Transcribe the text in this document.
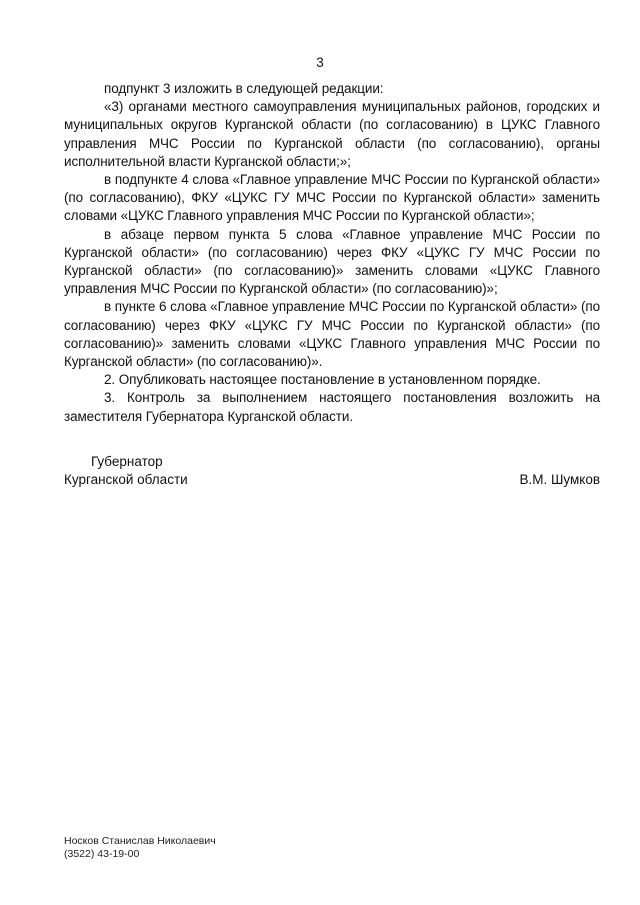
3

подпункт 3 изложить в следующей редакции:

«3) органами местного самоуправления муниципальных районов, городских и муниципальных округов Курганской области (по согласованию) в ЦУКС Главного управления МЧС России по Курганской области (по согласованию), органы исполнительной власти Курганской области;»;

в подпункте 4 слова «Главное управление МЧС России по Курганской области» (по согласованию), ФКУ «ЦУКС ГУ МЧС России по Курганской области» заменить словами «ЦУКС Главного управления МЧС России по Курганской области»;

в абзаце первом пункта 5 слова «Главное управление МЧС России по Курганской области» (по согласованию) через ФКУ «ЦУКС ГУ МЧС России по Курганской области» (по согласованию)» заменить словами «ЦУКС Главного управления МЧС России по Курганской области» (по согласованию)»;

в пункте 6 слова «Главное управление МЧС России по Курганской области» (по согласованию) через ФКУ «ЦУКС ГУ МЧС России по Курганской области» (по согласованию)» заменить словами «ЦУКС Главного управления МЧС России по Курганской области» (по согласованию)».

2. Опубликовать настоящее постановление в установленном порядке.

3. Контроль за выполнением настоящего постановления возложить на заместителя Губернатора Курганской области.

Губернатор
Курганской области	В.М. Шумков
Носков Станислав Николаевич
(3522) 43-19-00
